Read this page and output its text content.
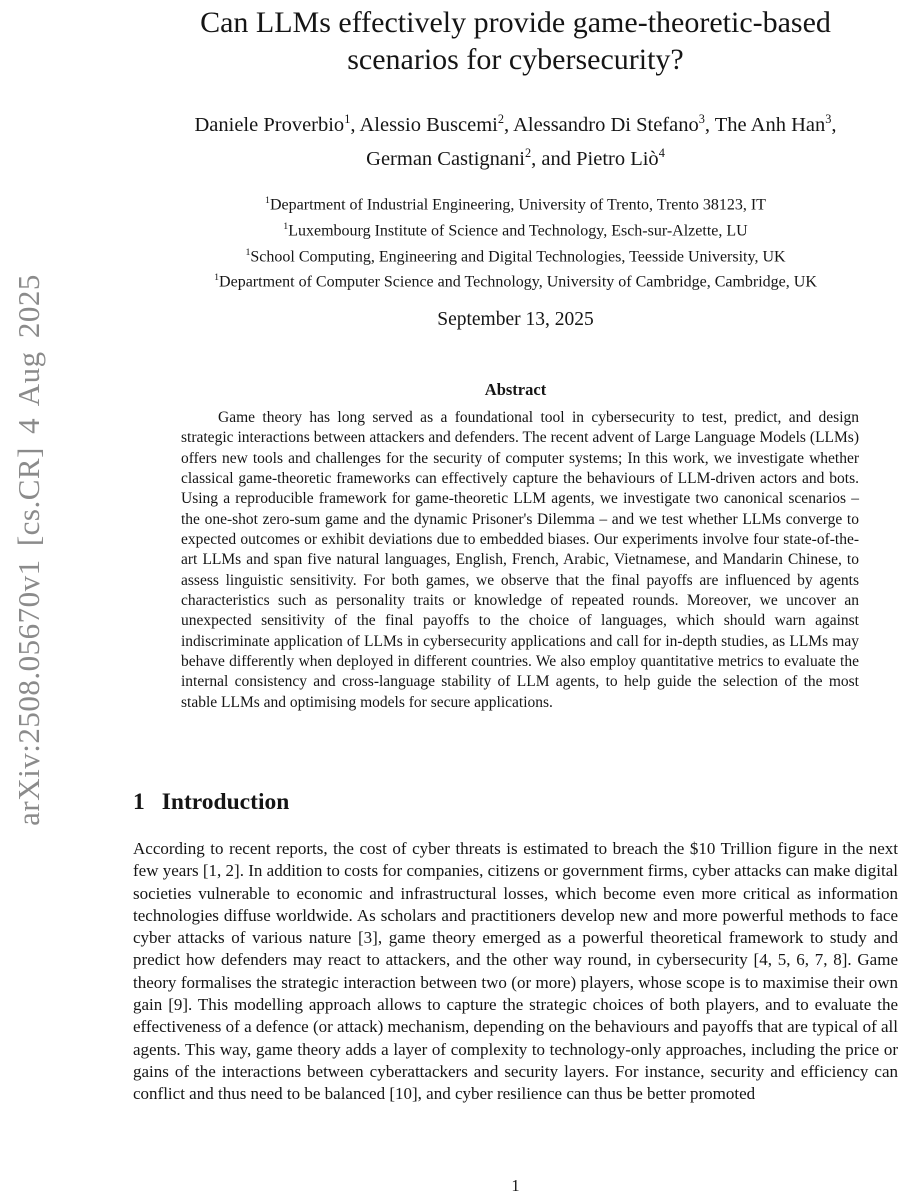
arXiv:2508.05670v1 [cs.CR] 4 Aug 2025
Can LLMs effectively provide game-theoretic-based scenarios for cybersecurity?
Daniele Proverbio$^1$, Alessio Buscemi$^2$, Alessandro Di Stefano$^3$, The Anh Han$^3$,
German Castignani$^2$, and Pietro Liò$^4$
$^1$Department of Industrial Engineering, University of Trento, Trento 38123, IT
$^1$Luxembourg Institute of Science and Technology, Esch-sur-Alzette, LU
$^1$School Computing, Engineering and Digital Technologies, Teesside University, UK
$^1$Department of Computer Science and Technology, University of Cambridge, Cambridge, UK
September 13, 2025
Abstract

Game theory has long served as a foundational tool in cybersecurity to test, predict, and design strategic interactions between attackers and defenders. The recent advent of Large Language Models (LLMs) offers new tools and challenges for the security of computer systems; In this work, we investigate whether classical game-theoretic frameworks can effectively capture the behaviours of LLM-driven actors and bots. Using a reproducible framework for game-theoretic LLM agents, we investigate two canonical scenarios – the one-shot zero-sum game and the dynamic Prisoner's Dilemma – and we test whether LLMs converge to expected outcomes or exhibit deviations due to embedded biases. Our experiments involve four state-of-the-art LLMs and span five natural languages, English, French, Arabic, Vietnamese, and Mandarin Chinese, to assess linguistic sensitivity. For both games, we observe that the final payoffs are influenced by agents characteristics such as personality traits or knowledge of repeated rounds. Moreover, we uncover an unexpected sensitivity of the final payoffs to the choice of languages, which should warn against indiscriminate application of LLMs in cybersecurity applications and call for in-depth studies, as LLMs may behave differently when deployed in different countries. We also employ quantitative metrics to evaluate the internal consistency and cross-language stability of LLM agents, to help guide the selection of the most stable LLMs and optimising models for secure applications.

1 Introduction

According to recent reports, the cost of cyber threats is estimated to breach the $10 Trillion figure in the next few years [1, 2]. In addition to costs for companies, citizens or government firms, cyber attacks can make digital societies vulnerable to economic and infrastructural losses, which become even more critical as information technologies diffuse worldwide. As scholars and practitioners develop new and more powerful methods to face cyber attacks of various nature [3], game theory emerged as a powerful theoretical framework to study and predict how defenders may react to attackers, and the other way round, in cybersecurity [4, 5, 6, 7, 8]. Game theory formalises the strategic interaction between two (or more) players, whose scope is to maximise their own gain [9]. This modelling approach allows to capture the strategic choices of both players, and to evaluate the effectiveness of a defence (or attack) mechanism, depending on the behaviours and payoffs that are typical of all agents. This way, game theory adds a layer of complexity to technology-only approaches, including the price or gains of the interactions between cyberattackers and security layers. For instance, security and efficiency can conflict and thus need to be balanced [10], and cyber resilience can thus be better promoted

1
